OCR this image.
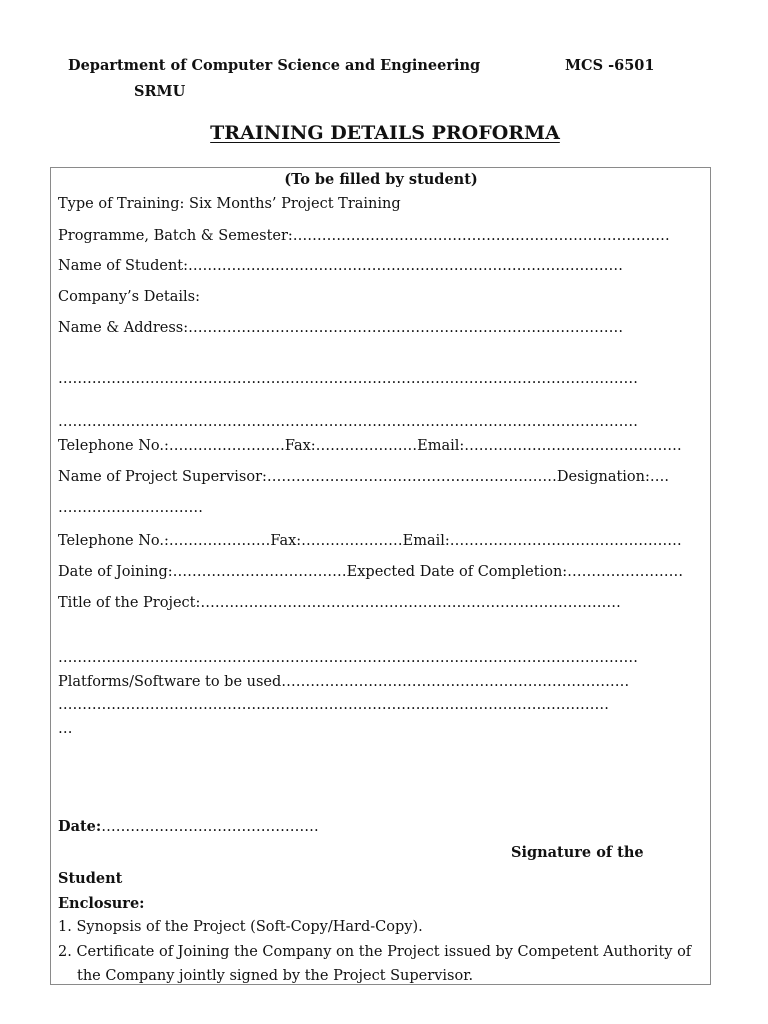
Department of Computer Science and Engineering	MCS -6501
SRMU
TRAINING DETAILS PROFORMA
(To be filled by student)
Type of Training: Six Months’ Project Training
Programme, Batch & Semester:……………………………………………………………………
Name of Student:………………………………………………………………………………
Company’s Details:
Name & Address:………………………………………………………………………………
…………………………………………………………………………………………………………
…………………………………………………………………………………………………………
Telephone No.:……………………Fax:…………………Email:………………………………………
Name of Project Supervisor:……………………………………………………Designation:….
…………………………
Telephone No.:…………………Fax:…………………Email:…………………………………………
Date of Joining:………………………………Expected Date of Completion:……………………
Title of the Project:……………………………………………………………………………
…………………………………………………………………………………………………………
Platforms/Software to be used………………………………………………………………
……………………………………………………………………………………………………
…
Date:………………………………………
Signature of the
Student
Enclosure:
1. Synopsis of the Project (Soft-Copy/Hard-Copy).
2. Certificate of Joining the Company on the Project issued by Competent Authority of
the Company jointly signed by the Project Supervisor.
